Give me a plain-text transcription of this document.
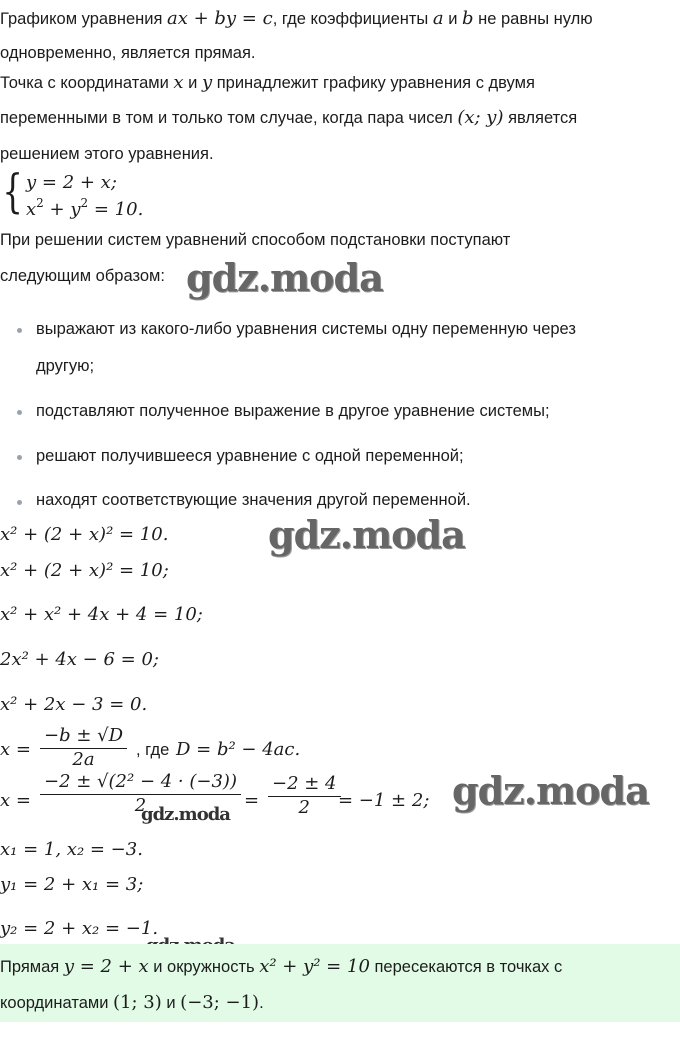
Графиком уравнения ax + by = c, где коэффициенты a и b не равны нулю
одновременно, является прямая.
Точка с координатами x и y принадлежит графику уравнения с двумя
переменными в том и только том случае, когда пара чисел (x; y) является
решением этого уравнения.
{ y = 2 + x;
$x^2 + y^2 = 10$.
При решении систем уравнений способом подстановки поступают
следующим образом: gdz.moda
выражают из какого-либо уравнения системы одну переменную через
другую;
подставляют полученное выражение в другое уравнение системы;
решают получившееся уравнение с одной переменной;
находят соответствующие значения другой переменной.
x² + (2 + x)² = 10.	gdz.moda
x² + (2 + x)² = 10;
x² + x² + 4x + 4 = 10;
2x² + 4x − 6 = 0;
x² + 2x − 3 = 0.
$x = \frac{-b \pm √D}{2a}$ , где D = b² − 4ac.
$x = \frac{\text{−2 ± √(2² − 4 · (−3))}}{2}$
gdz.moda
= $\frac{-2 \pm 4}{2}$
= −1 ± 2; gdz.moda
x₁ = 1, x₂ = −3.
y₁ = 2 + x₁ = 3;
y₂ = 2 + x₂ = −1.
Прямая y = 2 + x и окружность x² + y² = 10 пересекаются в точках с
координатами (1; 3) и (−3; −1).
